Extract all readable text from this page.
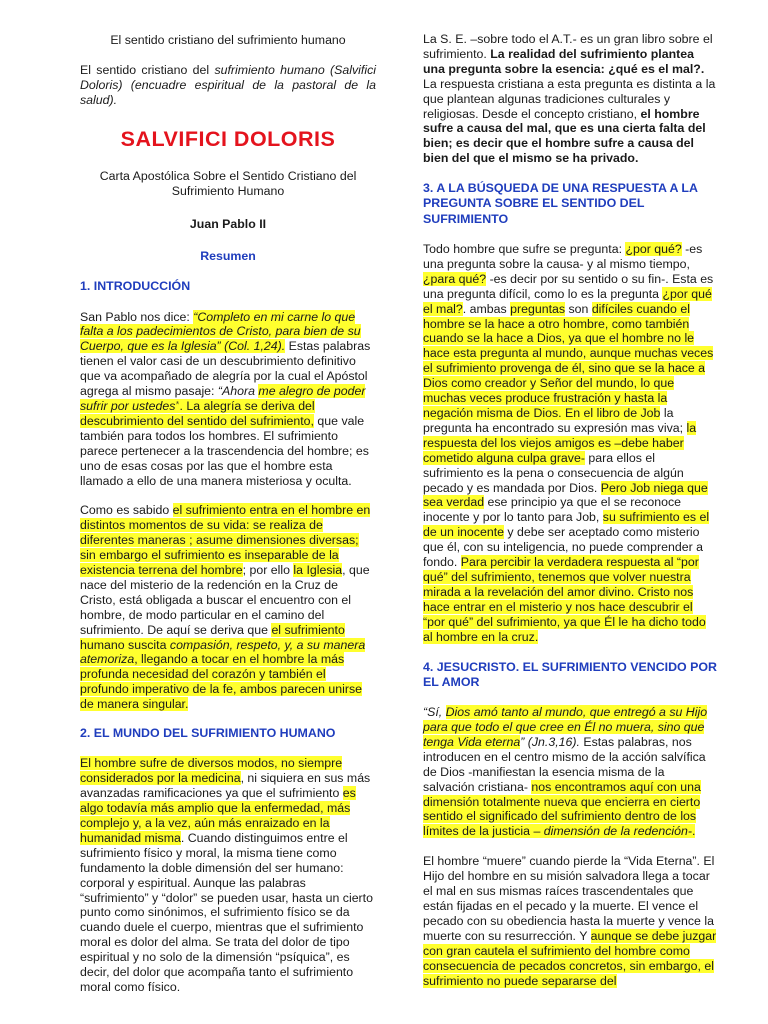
El sentido cristiano del sufrimiento humano

El sentido cristiano del sufrimiento humano (Salvifici Doloris) (encuadre espiritual de la pastoral de la salud).

SALVIFICI DOLORIS

Carta Apostólica Sobre el Sentido Cristiano del Sufrimiento Humano

Juan Pablo II

Resumen

1. INTRODUCCIÓN

San Pablo nos dice: “Completo en mi carne lo que falta a los padecimientos de Cristo, para bien de su Cuerpo, que es la Iglesia” (Col. 1,24). Estas palabras tienen el valor casi de un descubrimiento definitivo que va acompañado de alegría por la cual el Apóstol agrega al mismo pasaje: “Ahora me alegro de poder sufrir por ustedes”. La alegría se deriva del descubrimiento del sentido del sufrimiento, que vale también para todos los hombres. El sufrimiento parece pertenecer a la trascendencia del hombre; es uno de esas cosas por las que el hombre esta llamado a ello de una manera misteriosa y oculta.

Como es sabido el sufrimiento entra en el hombre en distintos momentos de su vida: se realiza de diferentes maneras ; asume dimensiones diversas; sin embargo el sufrimiento es inseparable de la existencia terrena del hombre; por ello la Iglesia, que nace del misterio de la redención en la Cruz de Cristo, está obligada a buscar el encuentro con el hombre, de modo particular en el camino del sufrimiento. De aquí se deriva que el sufrimiento humano suscita compasión, respeto, y, a su manera atemoriza, llegando a tocar en el hombre la más profunda necesidad del corazón y también el profundo imperativo de la fe, ambos parecen unirse de manera singular.

2. EL MUNDO DEL SUFRIMIENTO HUMANO

El hombre sufre de diversos modos, no siempre considerados por la medicina, ni siquiera en sus más avanzadas ramificaciones ya que el sufrimiento es algo todavía más amplio que la enfermedad, más complejo y, a la vez, aún más enraizado en la humanidad misma. Cuando distinguimos entre el sufrimiento físico y moral, la misma tiene como fundamento la doble dimensión del ser humano: corporal y espiritual. Aunque las palabras “sufrimiento” y “dolor” se pueden usar, hasta un cierto punto como sinónimos, el sufrimiento físico se da cuando duele el cuerpo, mientras que el sufrimiento moral es dolor del alma. Se trata del dolor de tipo espiritual y no solo de la dimensión “psíquica”, es decir, del dolor que acompaña tanto el sufrimiento moral como físico.

La S. E. –sobre todo el A.T.- es un gran libro sobre el sufrimiento. La realidad del sufrimiento plantea una pregunta sobre la esencia: ¿qué es el mal?. La respuesta cristiana a esta pregunta es distinta a la que plantean algunas tradiciones culturales y religiosas. Desde el concepto cristiano, el hombre sufre a causa del mal, que es una cierta falta del bien; es decir que el hombre sufre a causa del bien del que el mismo se ha privado.

3. A LA BÚSQUEDA DE UNA RESPUESTA A LA PREGUNTA SOBRE EL SENTIDO DEL SUFRIMIENTO

Todo hombre que sufre se pregunta: ¿por qué? -es una pregunta sobre la causa- y al mismo tiempo, ¿para qué? -es decir por su sentido o su fin-. Esta es una pregunta difícil, como lo es la pregunta ¿por qué el mal?. ambas preguntas son difíciles cuando el hombre se la hace a otro hombre, como también cuando se la hace a Dios, ya que el hombre no le hace esta pregunta al mundo, aunque muchas veces el sufrimiento provenga de él, sino que se la hace a Dios como creador y Señor del mundo, lo que muchas veces produce frustración y hasta la negación misma de Dios. En el libro de Job la pregunta ha encontrado su expresión mas viva; la respuesta del los viejos amigos es –debe haber cometido alguna culpa grave- para ellos el sufrimiento es la pena o consecuencia de algún pecado y es mandada por Dios. Pero Job niega que sea verdad ese principio ya que el se reconoce inocente y por lo tanto para Job, su sufrimiento es el de un inocente y debe ser aceptado como misterio que él, con su inteligencia, no puede comprender a fondo. Para percibir la verdadera respuesta al “por qué” del sufrimiento, tenemos que volver nuestra mirada a la revelación del amor divino. Cristo nos hace entrar en el misterio y nos hace descubrir el “por qué” del sufrimiento, ya que Él le ha dicho todo al hombre en la cruz.

4. JESUCRISTO. EL SUFRIMIENTO VENCIDO POR EL AMOR

“Sí, Dios amó tanto al mundo, que entregó a su Hijo para que todo el que cree en Él no muera, sino que tenga Vida eterna” (Jn.3,16). Estas palabras, nos introducen en el centro mismo de la acción salvífica de Dios -manifiestan la esencia misma de la salvación cristiana- nos encontramos aquí con una dimensión totalmente nueva que encierra en cierto sentido el significado del sufrimiento dentro de los límites de la justicia – dimensión de la redención-.

El hombre “muere” cuando pierde la “Vida Eterna”. El Hijo del hombre en su misión salvadora llega a tocar el mal en sus mismas raíces trascendentales que están fijadas en el pecado y la muerte. El vence el pecado con su obediencia hasta la muerte y vence la muerte con su resurrección. Y aunque se debe juzgar con gran cautela el sufrimiento del hombre como consecuencia de pecados concretos, sin embargo, el sufrimiento no puede separarse del
